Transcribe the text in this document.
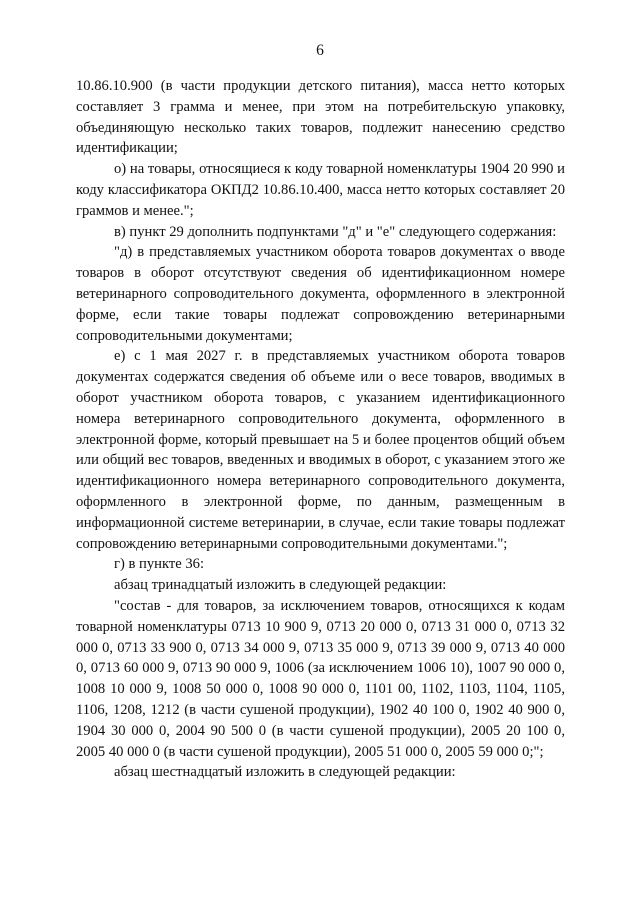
6

10.86.10.900 (в части продукции детского питания), масса нетто которых составляет 3 грамма и менее, при этом на потребительскую упаковку, объединяющую несколько таких товаров, подлежит нанесению средство идентификации;

о) на товары, относящиеся к коду товарной номенклатуры 1904 20 990 и коду классификатора ОКПД2 10.86.10.400, масса нетто которых составляет 20 граммов и менее.";

в) пункт 29 дополнить подпунктами "д" и "е" следующего содержания:

"д) в представляемых участником оборота товаров документах о вводе товаров в оборот отсутствуют сведения об идентификационном номере ветеринарного сопроводительного документа, оформленного в электронной форме, если такие товары подлежат сопровождению ветеринарными сопроводительными документами;

е) с 1 мая 2027 г. в представляемых участником оборота товаров документах содержатся сведения об объеме или о весе товаров, вводимых в оборот участником оборота товаров, с указанием идентификационного номера ветеринарного сопроводительного документа, оформленного в электронной форме, который превышает на 5 и более процентов общий объем или общий вес товаров, введенных и вводимых в оборот, с указанием этого же идентификационного номера ветеринарного сопроводительного документа, оформленного в электронной форме, по данным, размещенным в информационной системе ветеринарии, в случае, если такие товары подлежат сопровождению ветеринарными сопроводительными документами.";

г) в пункте 36:

абзац тринадцатый изложить в следующей редакции:

"состав - для товаров, за исключением товаров, относящихся к кодам товарной номенклатуры 0713 10 900 9, 0713 20 000 0, 0713 31 000 0, 0713 32 000 0, 0713 33 900 0, 0713 34 000 9, 0713 35 000 9, 0713 39 000 9, 0713 40 000 0, 0713 60 000 9, 0713 90 000 9, 1006 (за исключением 1006 10), 1007 90 000 0, 1008 10 000 9, 1008 50 000 0, 1008 90 000 0, 1101 00, 1102, 1103, 1104, 1105, 1106, 1208, 1212 (в части сушеной продукции), 1902 40 100 0, 1902 40 900 0, 1904 30 000 0, 2004 90 500 0 (в части сушеной продукции), 2005 20 100 0, 2005 40 000 0 (в части сушеной продукции), 2005 51 000 0, 2005 59 000 0;";

абзац шестнадцатый изложить в следующей редакции:
